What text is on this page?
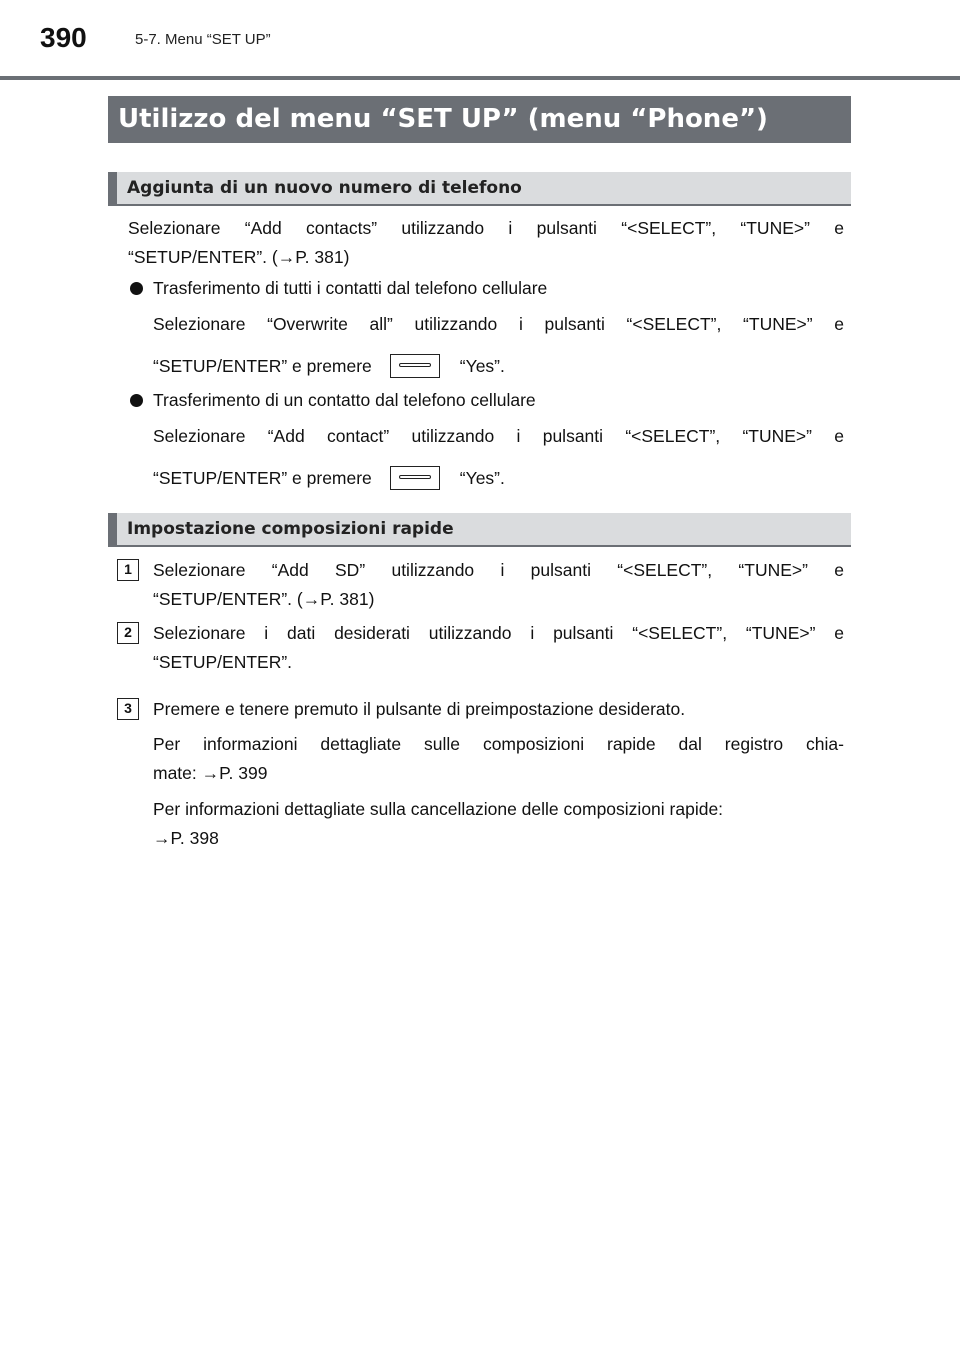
390	5-7. Menu “SET UP”
Utilizzo del menu “SET UP” (menu “Phone”)
Aggiunta di un nuovo numero di telefono
Selezionare “Add contacts” utilizzando i pulsanti “<SELECT”, “TUNE>” e
“SETUP/ENTER”. (→P. 381)
Trasferimento di tutti i contatti dal telefono cellulare
Selezionare “Overwrite all” utilizzando i pulsanti “<SELECT”, “TUNE>” e
“SETUP/ENTER” e premere	“Yes”.
Trasferimento di un contatto dal telefono cellulare
Selezionare “Add contact” utilizzando i pulsanti “<SELECT”, “TUNE>” e
“SETUP/ENTER” e premere	“Yes”.
Impostazione composizioni rapide
1	Selezionare “Add SD” utilizzando i pulsanti “<SELECT”, “TUNE>” e
“SETUP/ENTER”. (→P. 381)
2	Selezionare i dati desiderati utilizzando i pulsanti “<SELECT”, “TUNE>” e
“SETUP/ENTER”.
3	Premere e tenere premuto il pulsante di preimpostazione desiderato.
Per informazioni dettagliate sulle composizioni rapide dal registro chia-
mate: →P. 399
Per informazioni dettagliate sulla cancellazione delle composizioni rapide:
→P. 398
